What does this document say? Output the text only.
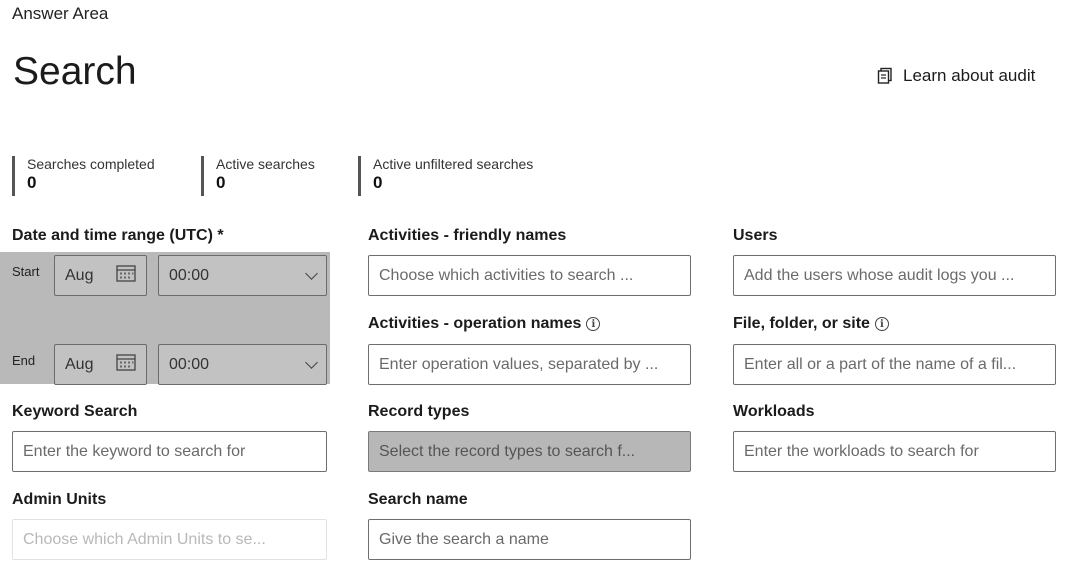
Answer Area
Search	Learn about audit
Searches completed
0
Active searches
0
Active unfiltered searches
0
Date and time range (UTC) *
Start Aug	00:00
End Aug	00:00
Keyword Search
Enter the keyword to search for
Admin Units
Choose which Admin Units to se...
Activities - friendly names
Choose which activities to search ...
Activities - operation names	i
Enter operation values, separated by ...
Record types
Select the record types to search f...
Search name
Give the search a name
Users
Add the users whose audit logs you ...
File, folder, or site	i
Enter all or a part of the name of a fil...
Workloads
Enter the workloads to search for
